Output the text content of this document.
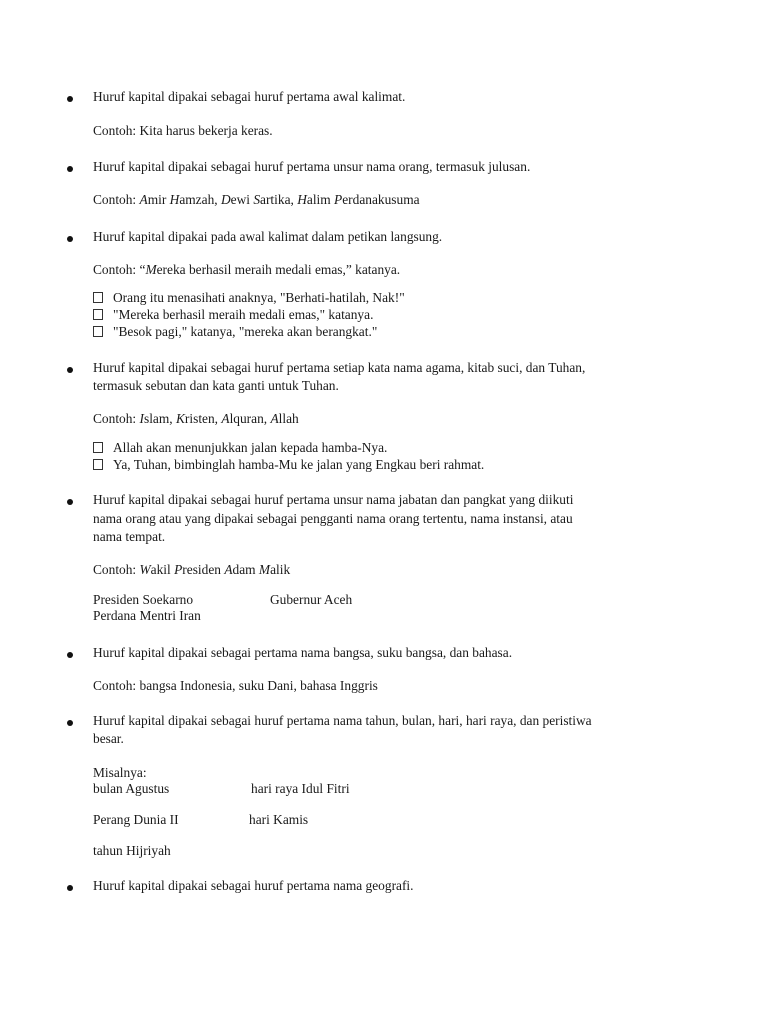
Huruf kapital dipakai sebagai huruf pertama awal kalimat.
Contoh: Kita harus bekerja keras.
Huruf kapital dipakai sebagai huruf pertama unsur nama orang, termasuk julusan.
Contoh: Amir Hamzah, Dewi Sartika, Halim Perdanakusuma
Huruf kapital dipakai pada awal kalimat dalam petikan langsung.
Contoh: “Mereka berhasil meraih medali emas,” katanya.
Orang itu menasihati anaknya, "Berhati-hatilah, Nak!"
"Mereka berhasil meraih medali emas," katanya.
"Besok pagi," katanya, "mereka akan berangkat."
Huruf kapital dipakai sebagai huruf pertama setiap kata nama agama, kitab suci, dan Tuhan,
termasuk sebutan dan kata ganti untuk Tuhan.
Contoh: Islam, Kristen, Alquran, Allah
Allah akan menunjukkan jalan kepada hamba-Nya.
Ya, Tuhan, bimbinglah hamba-Mu ke jalan yang Engkau beri rahmat.
Huruf kapital dipakai sebagai huruf pertama unsur nama jabatan dan pangkat yang diikuti
nama orang atau yang dipakai sebagai pengganti nama orang tertentu, nama instansi, atau
nama tempat.
Contoh: Wakil Presiden Adam Malik
Presiden Soekarno	Gubernur Aceh
Perdana Mentri Iran
Huruf kapital dipakai sebagai pertama nama bangsa, suku bangsa, dan bahasa.
Contoh: bangsa Indonesia, suku Dani, bahasa Inggris
Huruf kapital dipakai sebagai huruf pertama nama tahun, bulan, hari, hari raya, dan peristiwa
besar.
Misalnya:
bulan Agustus	hari raya Idul Fitri
Perang Dunia II	hari Kamis
tahun Hijriyah
Huruf kapital dipakai sebagai huruf pertama nama geografi.
